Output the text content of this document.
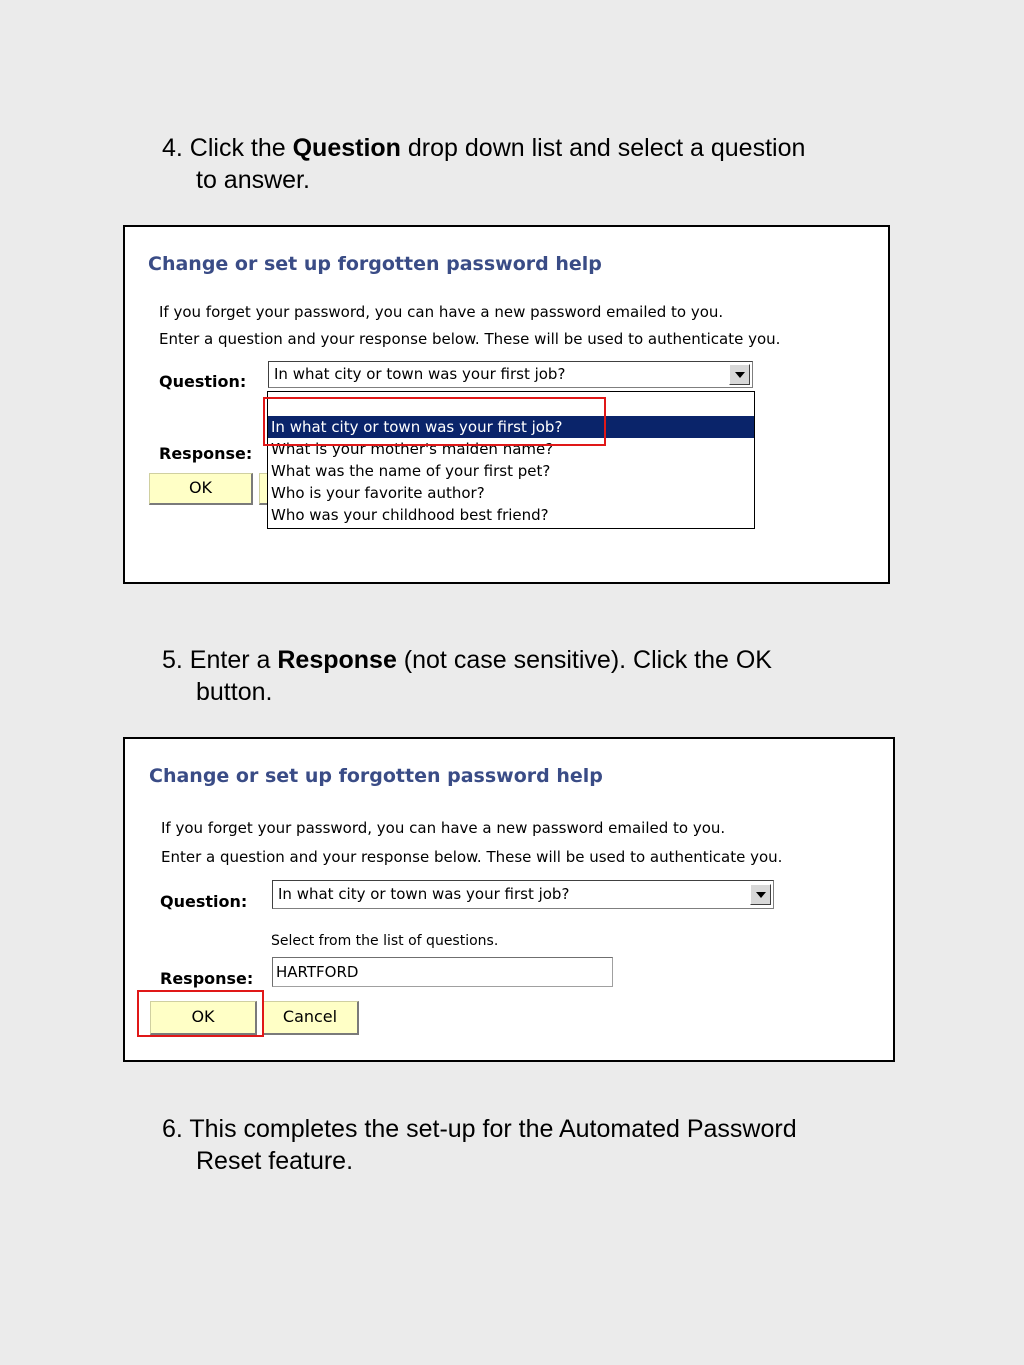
4. Click the Question drop down list and select a question
to answer.
Change or set up forgotten password help
If you forget your password, you can have a new password emailed to you.
Enter a question and your response below. These will be used to authenticate you.
Question:	In what city or town was your first job?
In what city or town was your first job?
What is your mother's maiden name?
What was the name of your first pet?
Who is your favorite author?
Who was your childhood best friend?
Response:
OK
5. Enter a Response (not case sensitive). Click the OK
button.
Change or set up forgotten password help
If you forget your password, you can have a new password emailed to you.
Enter a question and your response below. These will be used to authenticate you.
Question:	In what city or town was your first job?
Select from the list of questions.
Response: HARTFORD
OK	Cancel
6. This completes the set-up for the Automated Password
Reset feature.
